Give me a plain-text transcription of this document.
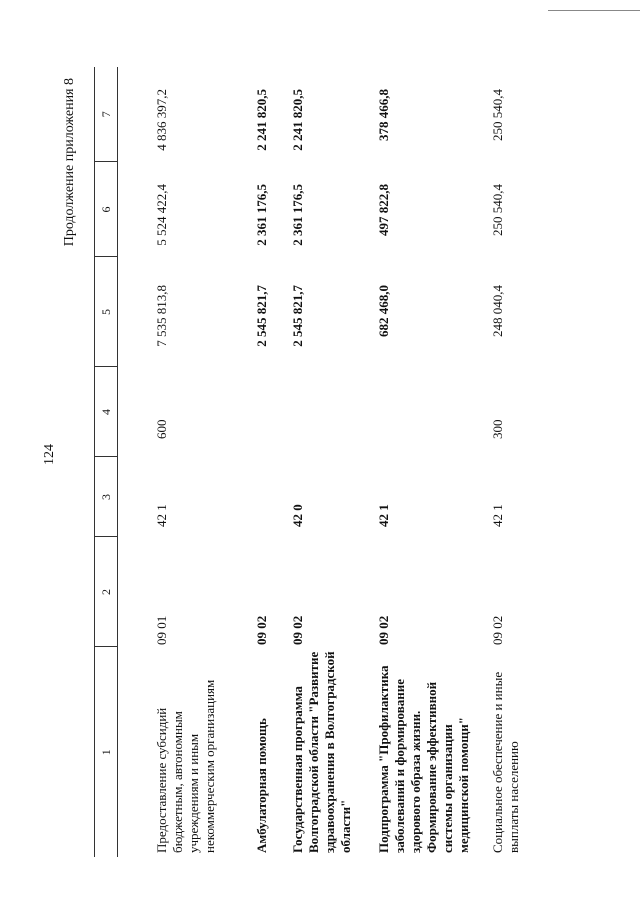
124
Продолжение приложения 8
1	2	3	4	5	6	7
Предоставление субсидий бюджетным, автономным учреждениям и иным некоммерческим организациям	09 01	42 1	600	7 535 813,8	5 524 422,4	4 836 397,2
Амбулаторная помощь	09 02			2 545 821,7	2 361 176,5	2 241 820,5
Государственная программа Волгоградской области "Развитие здравоохранения в Волгоградской области"	09 02	42 0		2 545 821,7	2 361 176,5	2 241 820,5
Подпрограмма "Профилактика заболеваний и формирование здорового образа жизни. Формирование эффективной системы организации медицинской помощи"	09 02	42 1		682 468,0	497 822,8	378 466,8
Социальное обеспечение и иные выплаты населению	09 02	42 1	300	248 040,4	250 540,4	250 540,4
